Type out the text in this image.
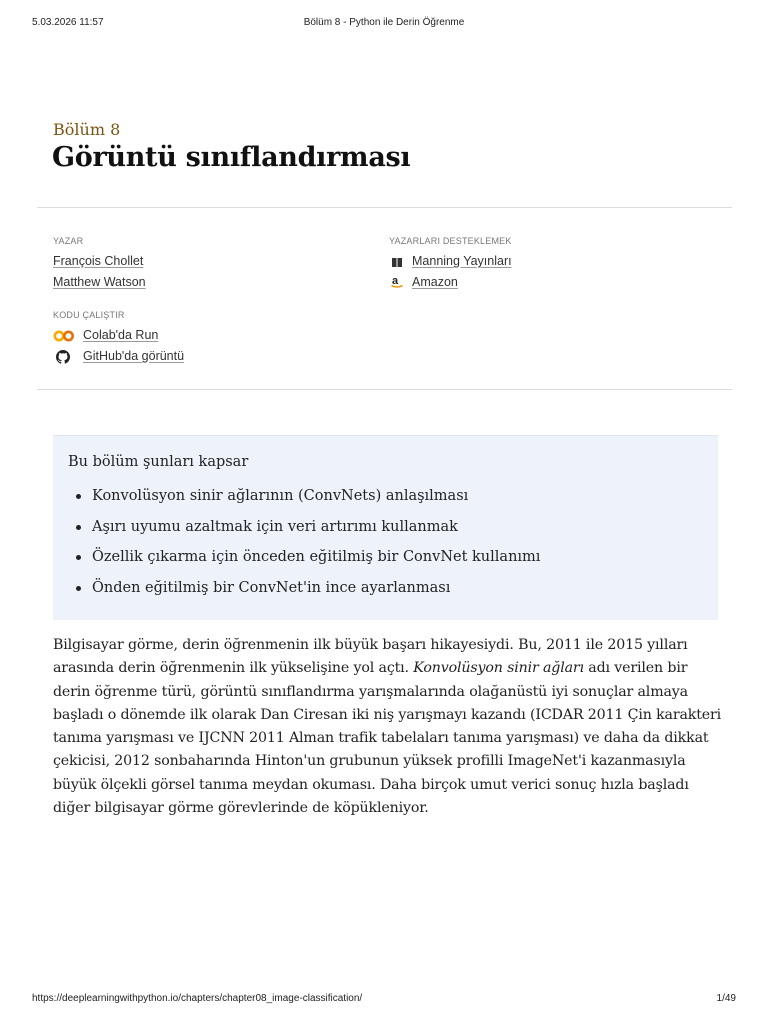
5.03.2026 11:57	Bölüm 8 - Python ile Derin Öğrenme
Bölüm 8
Görüntü sınıflandırması
YAZAR
François Chollet
Matthew Watson
YAZARLARI DESTEKLEMEK
Manning Yayınları
a Amazon
KODU ÇALIŞTIR
Colab'da Run
GitHub'da görüntü
Bu bölüm şunları kapsar
Konvolüsyon sinir ağlarının (ConvNets) anlaşılması
Aşırı uyumu azaltmak için veri artırımı kullanmak
Özellik çıkarma için önceden eğitilmiş bir ConvNet kullanımı
Önden eğitilmiş bir ConvNet'in ince ayarlanması

Bilgisayar görme, derin öğrenmenin ilk büyük başarı hikayesiydi. Bu, 2011 ile 2015 yılları
arasında derin öğrenmenin ilk yükselişine yol açtı. Konvolüsyon sinir ağları adı verilen bir
derin öğrenme türü, görüntü sınıflandırma yarışmalarında olağanüstü iyi sonuçlar almaya
başladı o dönemde ilk olarak Dan Ciresan iki niş yarışmayı kazandı (ICDAR 2011 Çin karakteri
tanıma yarışması ve IJCNN 2011 Alman trafik tabelaları tanıma yarışması) ve daha da dikkat
çekicisi, 2012 sonbaharında Hinton'un grubunun yüksek profilli ImageNet'i kazanmasıyla
büyük ölçekli görsel tanıma meydan okuması. Daha birçok umut verici sonuç hızla başladı
diğer bilgisayar görme görevlerinde de köpükleniyor.

https://deeplearningwithpython.io/chapters/chapter08_image-classification/	1/49
